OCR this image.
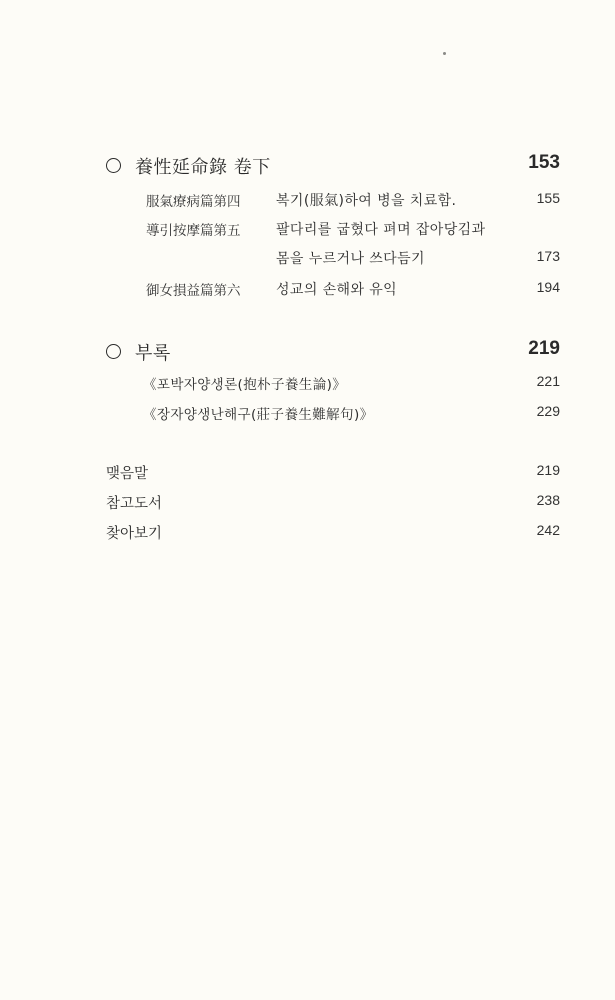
養性延命錄 卷下	153
服氣療病篇第四	복기(服氣)하여 병을 치료함.	155
導引按摩篇第五	팔다리를 굽혔다 펴며 잡아당김과
몸을 누르거나 쓰다듬기	173
御女損益篇第六	성교의 손해와 유익	194
부록	219
《포박자양생론(抱朴子養生論)》	221
《장자양생난해구(莊子養生難解句)》	229
맺음말	219
참고도서	238
찾아보기	242
